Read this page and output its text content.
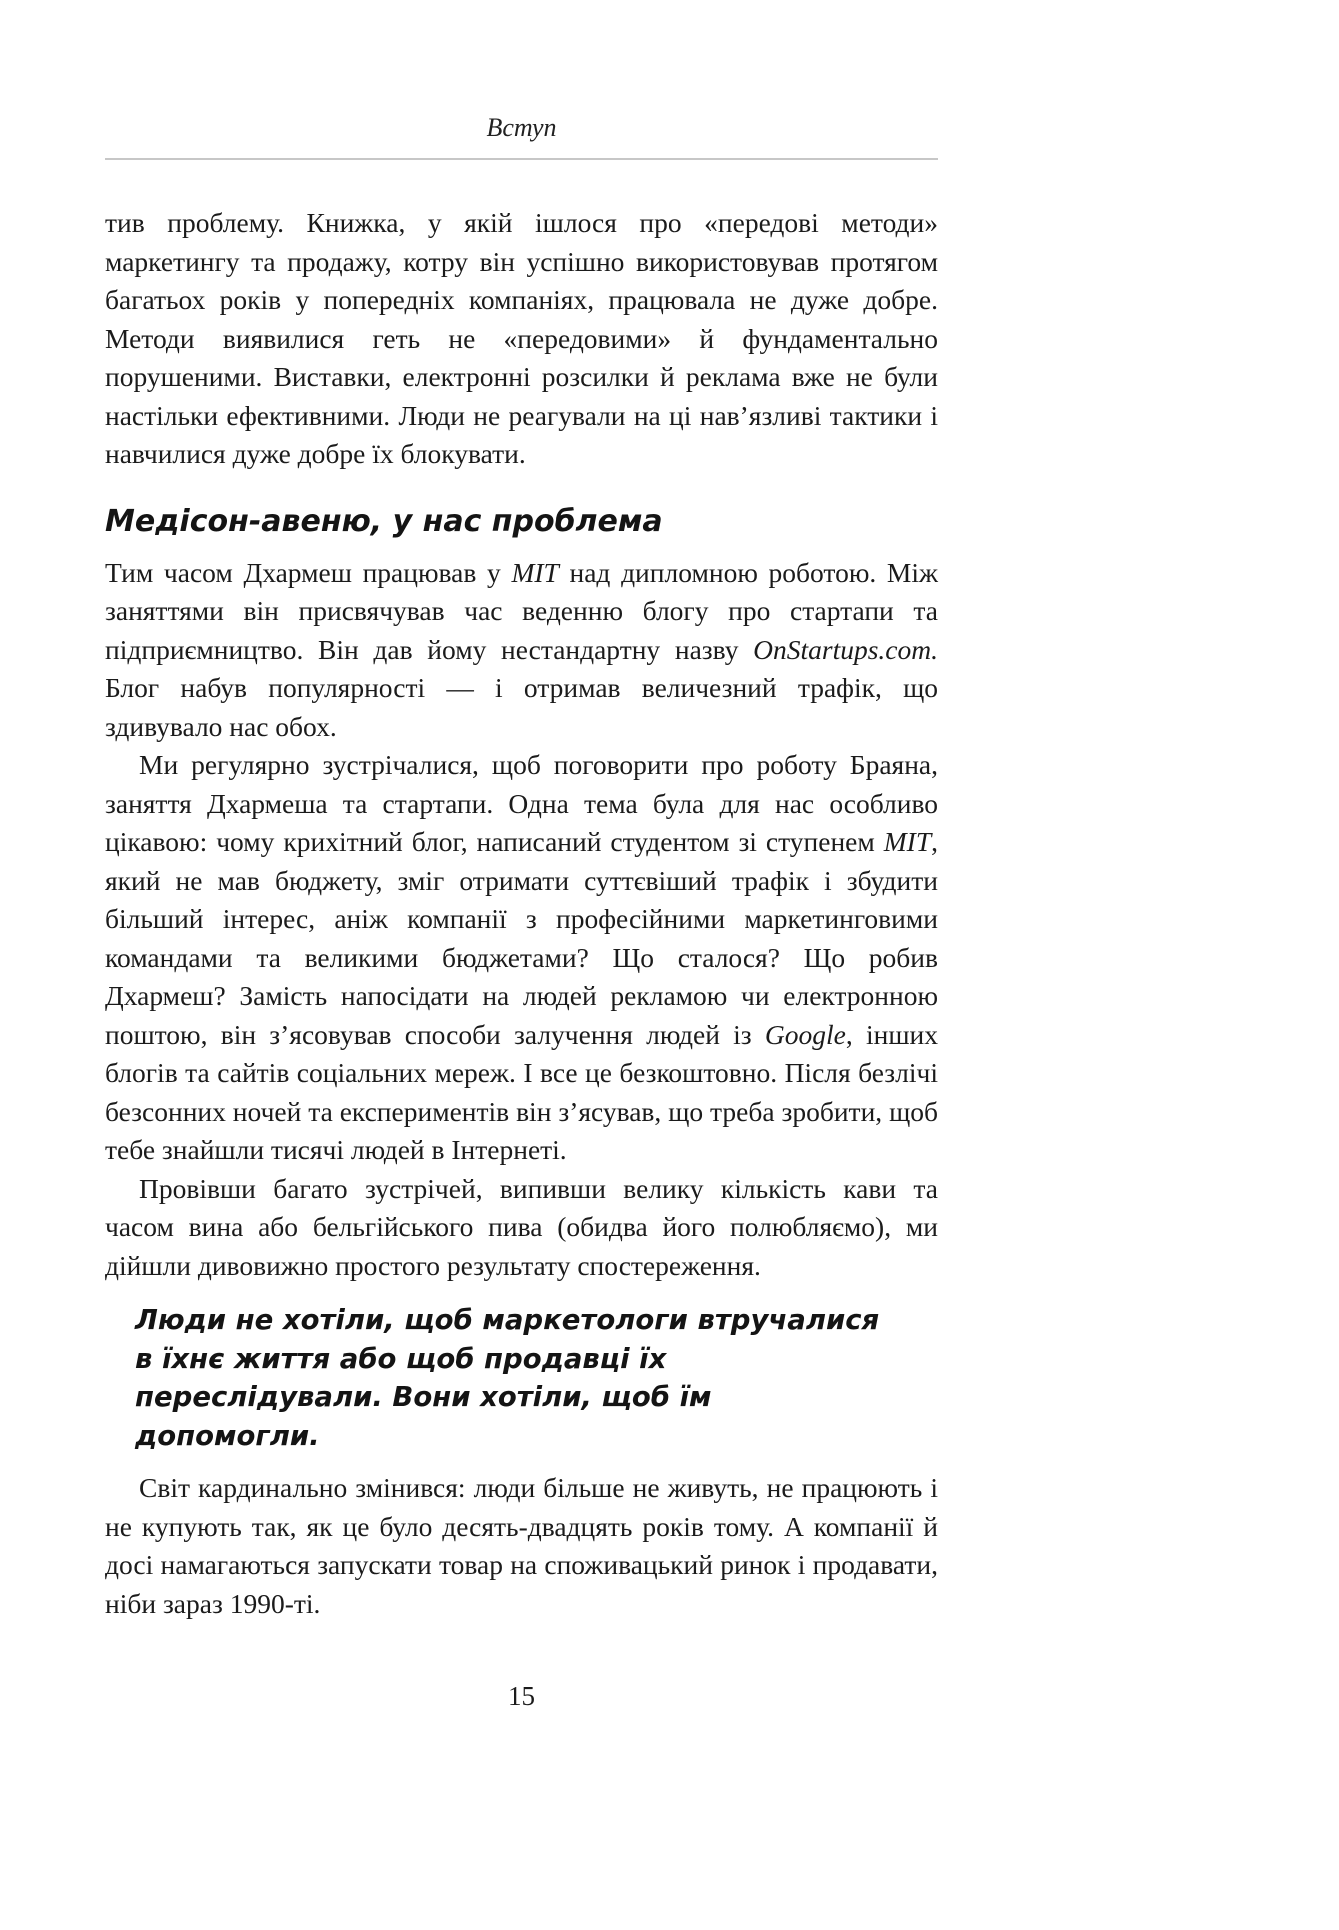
Вступ

тив проблему. Книжка, у якій ішлося про «передові методи» маркетингу та продажу, котру він успішно використовував протягом багатьох років у попередніх компаніях, працювала не дуже добре. Методи виявилися геть не «передовими» й фундаментально порушеними. Виставки, електронні розсилки й реклама вже не були настільки ефективними. Люди не реагували на ці нав’язливі тактики і навчилися дуже добре їх блокувати.

Медісон-авеню, у нас проблема

Тим часом Дхармеш працював у MIT над дипломною роботою. Між заняттями він присвячував час веденню блогу про стартапи та підприємництво. Він дав йому нестандартну назву OnStartups.com. Блог набув популярності — і отримав величезний трафік, що здивувало нас обох.

Ми регулярно зустрічалися, щоб поговорити про роботу Браяна, заняття Дхармеша та стартапи. Одна тема була для нас особливо цікавою: чому крихітний блог, написаний студентом зі ступенем MIT, який не мав бюджету, зміг отримати суттєвіший трафік і збудити більший інтерес, аніж компанії з професійними маркетинговими командами та великими бюджетами? Що сталося? Що робив Дхармеш? Замість напосідати на людей рекламою чи електронною поштою, він з’ясовував способи залучення людей із Google, інших блогів та сайтів соціальних мереж. І все це безкоштовно. Після безлічі безсонних ночей та експериментів він з’ясував, що треба зробити, щоб тебе знайшли тисячі людей в Інтернеті.

Провівши багато зустрічей, випивши велику кількість кави та часом вина або бельгійського пива (обидва його полюбляємо), ми дійшли дивовижно простого результату спостереження.

Люди не хотіли, щоб маркетологи втручалися в їхнє життя або щоб продавці їх переслідували. Вони хотіли, щоб їм допомогли.

Світ кардинально змінився: люди більше не живуть, не працюють і не купують так, як це було десять-двадцять років тому. А компанії й досі намагаються запускати товар на споживацький ринок і продавати, ніби зараз 1990-ті.

15
